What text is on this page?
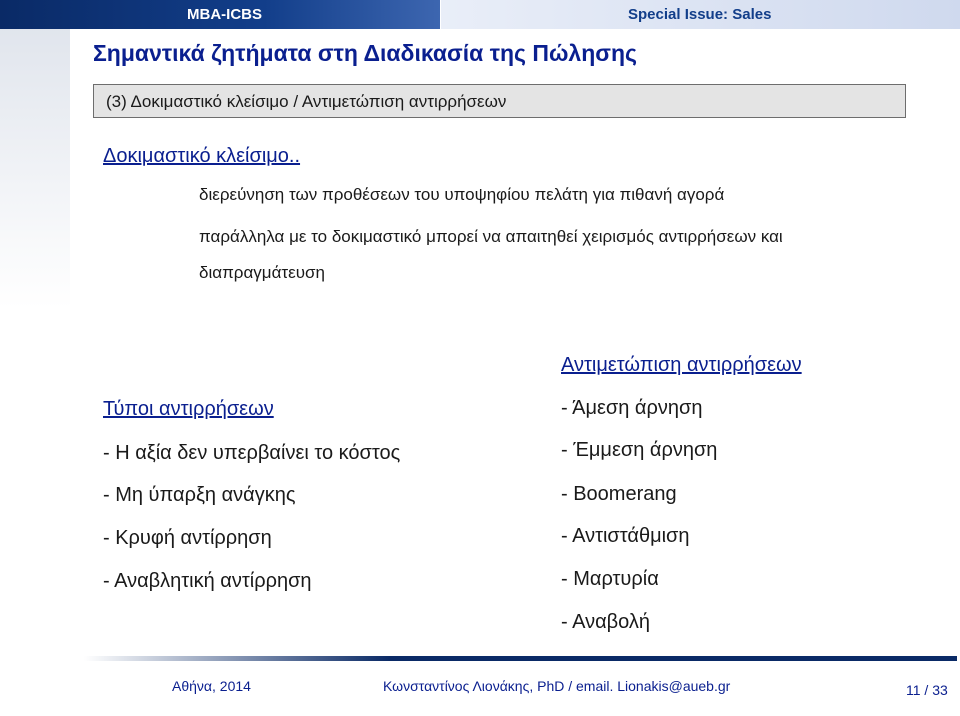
MBA-ICBS	Special Issue: Sales
Σημαντικά ζητήματα στη Διαδικασία της Πώλησης
(3) Δοκιμαστικό κλείσιμο / Αντιμετώπιση αντιρρήσεων
Δοκιμαστικό κλείσιμο..
διερεύνηση των προθέσεων του υποψηφίου πελάτη για πιθανή αγορά
παράλληλα με το δοκιμαστικό μπορεί να απαιτηθεί χειρισμός αντιρρήσεων και
διαπραγμάτευση
Αντιμετώπιση αντιρρήσεων
- Άμεση άρνηση
- Έμμεση άρνηση
- Boomerang
- Αντιστάθμιση
- Μαρτυρία
- Αναβολή
Τύποι αντιρρήσεων
- Η αξία δεν υπερβαίνει το κόστος
- Μη ύπαρξη ανάγκης
- Κρυφή αντίρρηση
- Αναβλητική αντίρρηση
Αθήνα, 2014	Κωνσταντίνος Λιονάκης, PhD / email. Lionakis@aueb.gr	11 / 33
